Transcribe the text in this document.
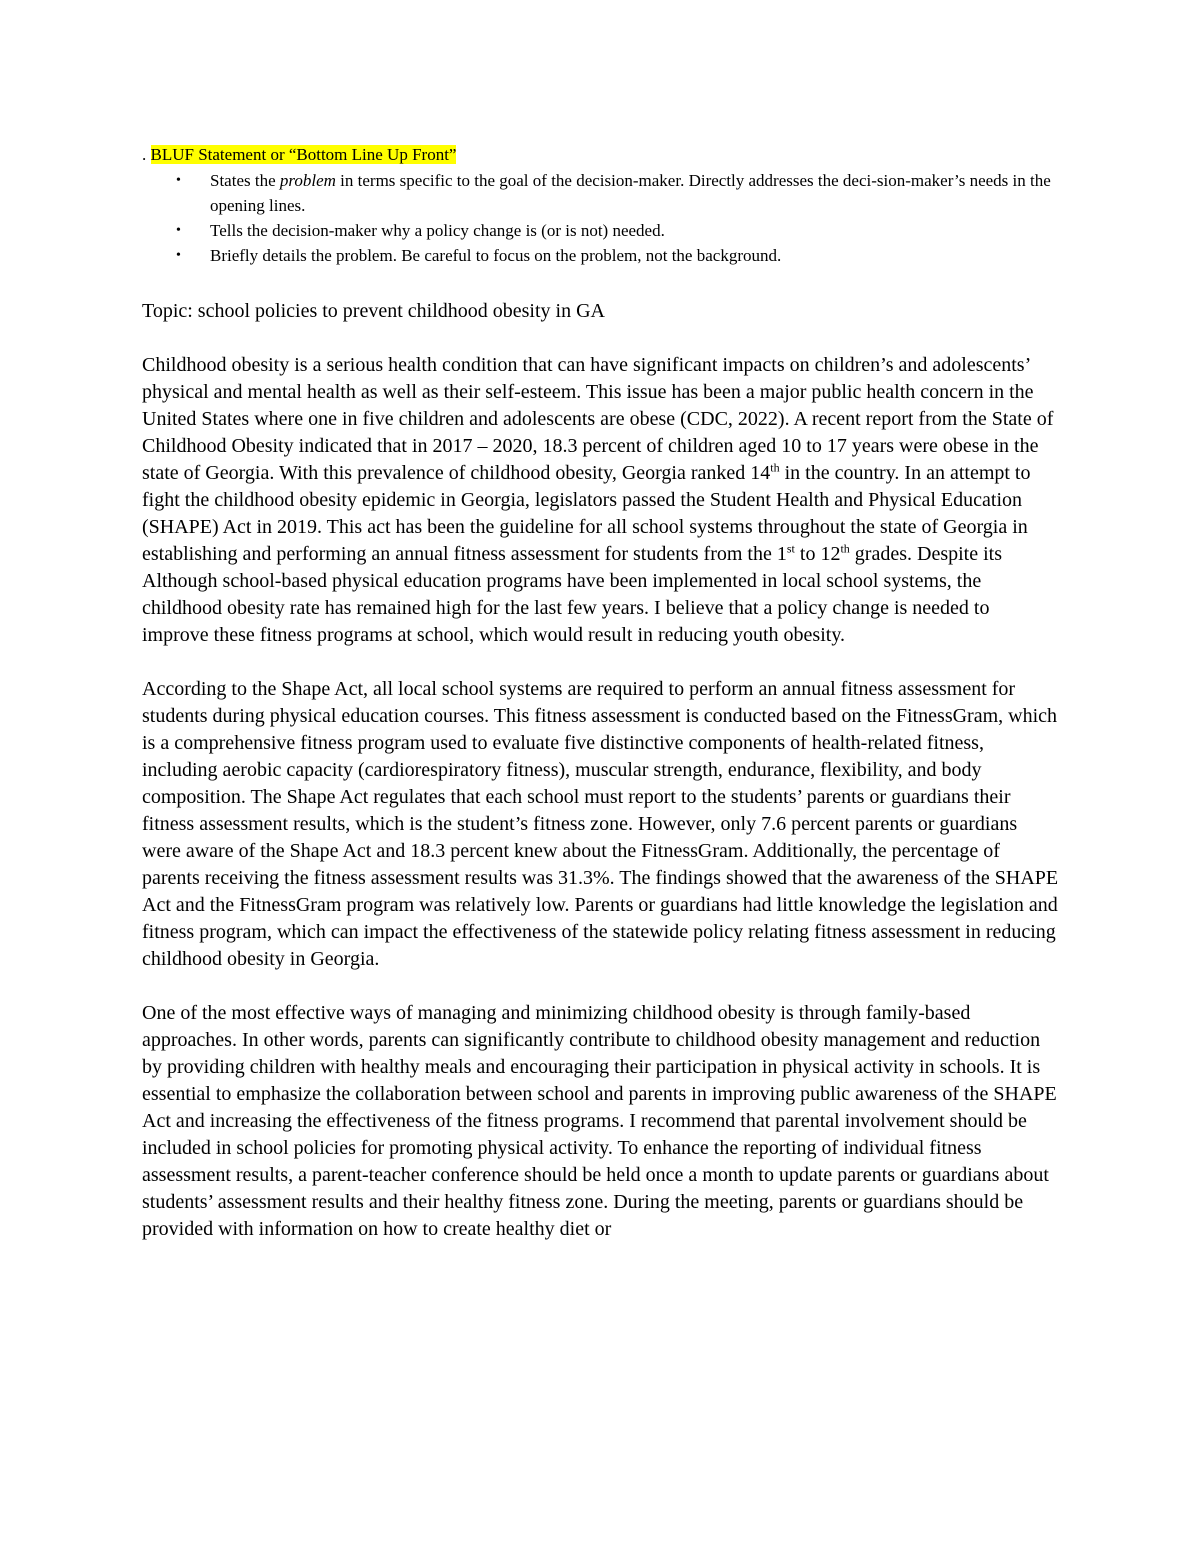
. BLUF Statement or “Bottom Line Up Front”

• States the problem in terms specific to the goal of the decision-maker. Directly addresses the deci-sion-maker’s needs in the opening lines.
• Tells the decision-maker why a policy change is (or is not) needed.
• Briefly details the problem. Be careful to focus on the problem, not the background.

Topic: school policies to prevent childhood obesity in GA

Childhood obesity is a serious health condition that can have significant impacts on children’s and adolescents’ physical and mental health as well as their self-esteem. This issue has been a major public health concern in the United States where one in five children and adolescents are obese (CDC, 2022). A recent report from the State of Childhood Obesity indicated that in 2017 – 2020, 18.3 percent of children aged 10 to 17 years were obese in the state of Georgia. With this prevalence of childhood obesity, Georgia ranked 14th in the country. In an attempt to fight the childhood obesity epidemic in Georgia, legislators passed the Student Health and Physical Education (SHAPE) Act in 2019. This act has been the guideline for all school systems throughout the state of Georgia in establishing and performing an annual fitness assessment for students from the 1st to 12th grades. Despite its Although school-based physical education programs have been implemented in local school systems, the childhood obesity rate has remained high for the last few years. I believe that a policy change is needed to improve these fitness programs at school, which would result in reducing youth obesity.

According to the Shape Act, all local school systems are required to perform an annual fitness assessment for students during physical education courses. This fitness assessment is conducted based on the FitnessGram, which is a comprehensive fitness program used to evaluate five distinctive components of health-related fitness, including aerobic capacity (cardiorespiratory fitness), muscular strength, endurance, flexibility, and body composition. The Shape Act regulates that each school must report to the students’ parents or guardians their fitness assessment results, which is the student’s fitness zone. However, only 7.6 percent parents or guardians were aware of the Shape Act and 18.3 percent knew about the FitnessGram. Additionally, the percentage of parents receiving the fitness assessment results was 31.3%. The findings showed that the awareness of the SHAPE Act and the FitnessGram program was relatively low. Parents or guardians had little knowledge the legislation and fitness program, which can impact the effectiveness of the statewide policy relating fitness assessment in reducing childhood obesity in Georgia.

One of the most effective ways of managing and minimizing childhood obesity is through family-based approaches. In other words, parents can significantly contribute to childhood obesity management and reduction by providing children with healthy meals and encouraging their participation in physical activity in schools. It is essential to emphasize the collaboration between school and parents in improving public awareness of the SHAPE Act and increasing the effectiveness of the fitness programs. I recommend that parental involvement should be included in school policies for promoting physical activity. To enhance the reporting of individual fitness assessment results, a parent-teacher conference should be held once a month to update parents or guardians about students’ assessment results and their healthy fitness zone. During the meeting, parents or guardians should be provided with information on how to create healthy diet or
